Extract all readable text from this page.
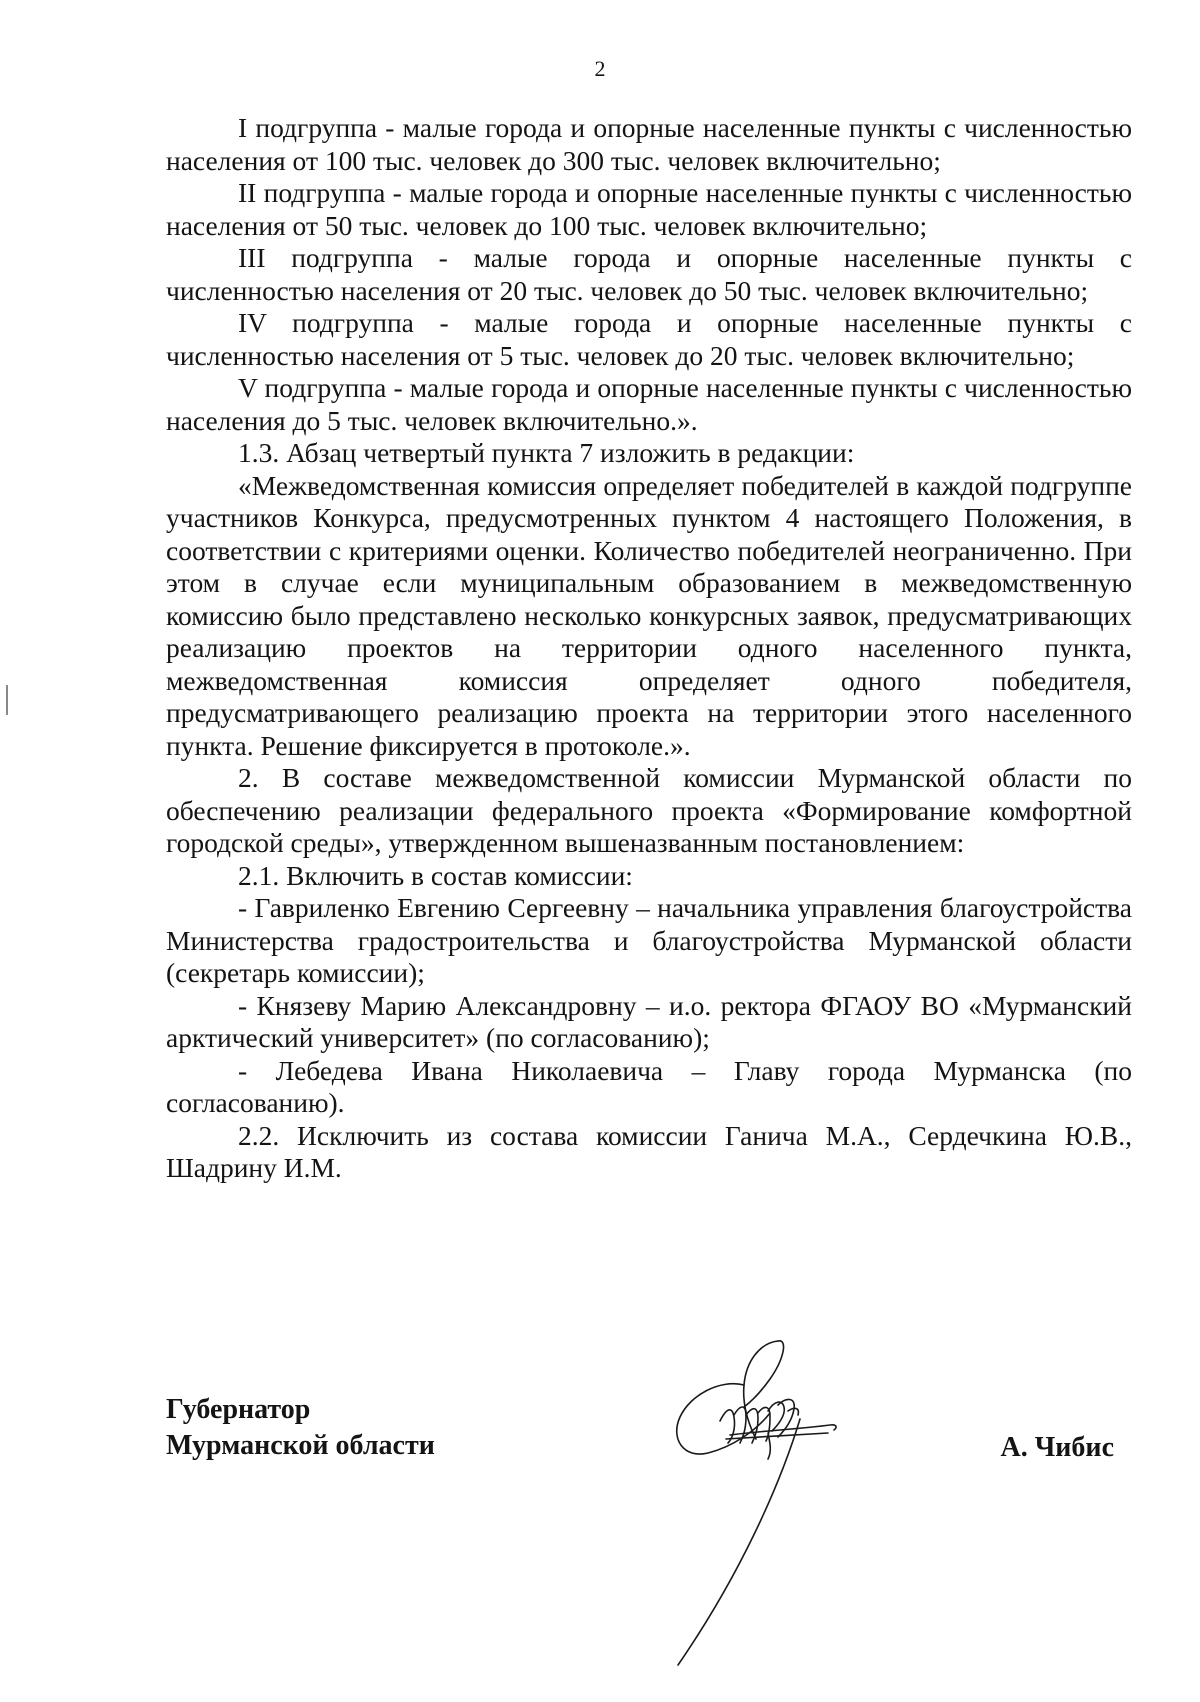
2

I подгруппа - малые города и опорные населенные пункты с численностью населения от 100 тыс. человек до 300 тыс. человек включительно;

II подгруппа - малые города и опорные населенные пункты с численностью населения от 50 тыс. человек до 100 тыс. человек включительно;

III подгруппа - малые города и опорные населенные пункты с численностью населения от 20 тыс. человек до 50 тыс. человек включительно;

IV подгруппа - малые города и опорные населенные пункты с численностью населения от 5 тыс. человек до 20 тыс. человек включительно;

V подгруппа - малые города и опорные населенные пункты с численностью населения до 5 тыс. человек включительно.».

1.3. Абзац четвертый пункта 7 изложить в редакции:

«Межведомственная комиссия определяет победителей в каждой подгруппе участников Конкурса, предусмотренных пунктом 4 настоящего Положения, в соответствии с критериями оценки. Количество победителей неограниченно. При этом в случае если муниципальным образованием в межведомственную комиссию было представлено несколько конкурсных заявок, предусматривающих реализацию проектов на территории одного населенного пункта, межведомственная комиссия определяет одного победителя, предусматривающего реализацию проекта на территории этого населенного пункта. Решение фиксируется в протоколе.».

2. В составе межведомственной комиссии Мурманской области по обеспечению реализации федерального проекта «Формирование комфортной городской среды», утвержденном вышеназванным постановлением:

2.1. Включить в состав комиссии:

- Гавриленко Евгению Сергеевну – начальника управления благоустройства Министерства градостроительства и благоустройства Мурманской области (секретарь комиссии);

- Князеву Марию Александровну – и.о. ректора ФГАОУ ВО «Мурманский арктический университет» (по согласованию);

- Лебедева Ивана Николаевича – Главу города Мурманска (по согласованию).

2.2. Исключить из состава комиссии Ганича М.А., Сердечкина Ю.В., Шадрину И.М.

Губернатор
Мурманской области	А. Чибис
